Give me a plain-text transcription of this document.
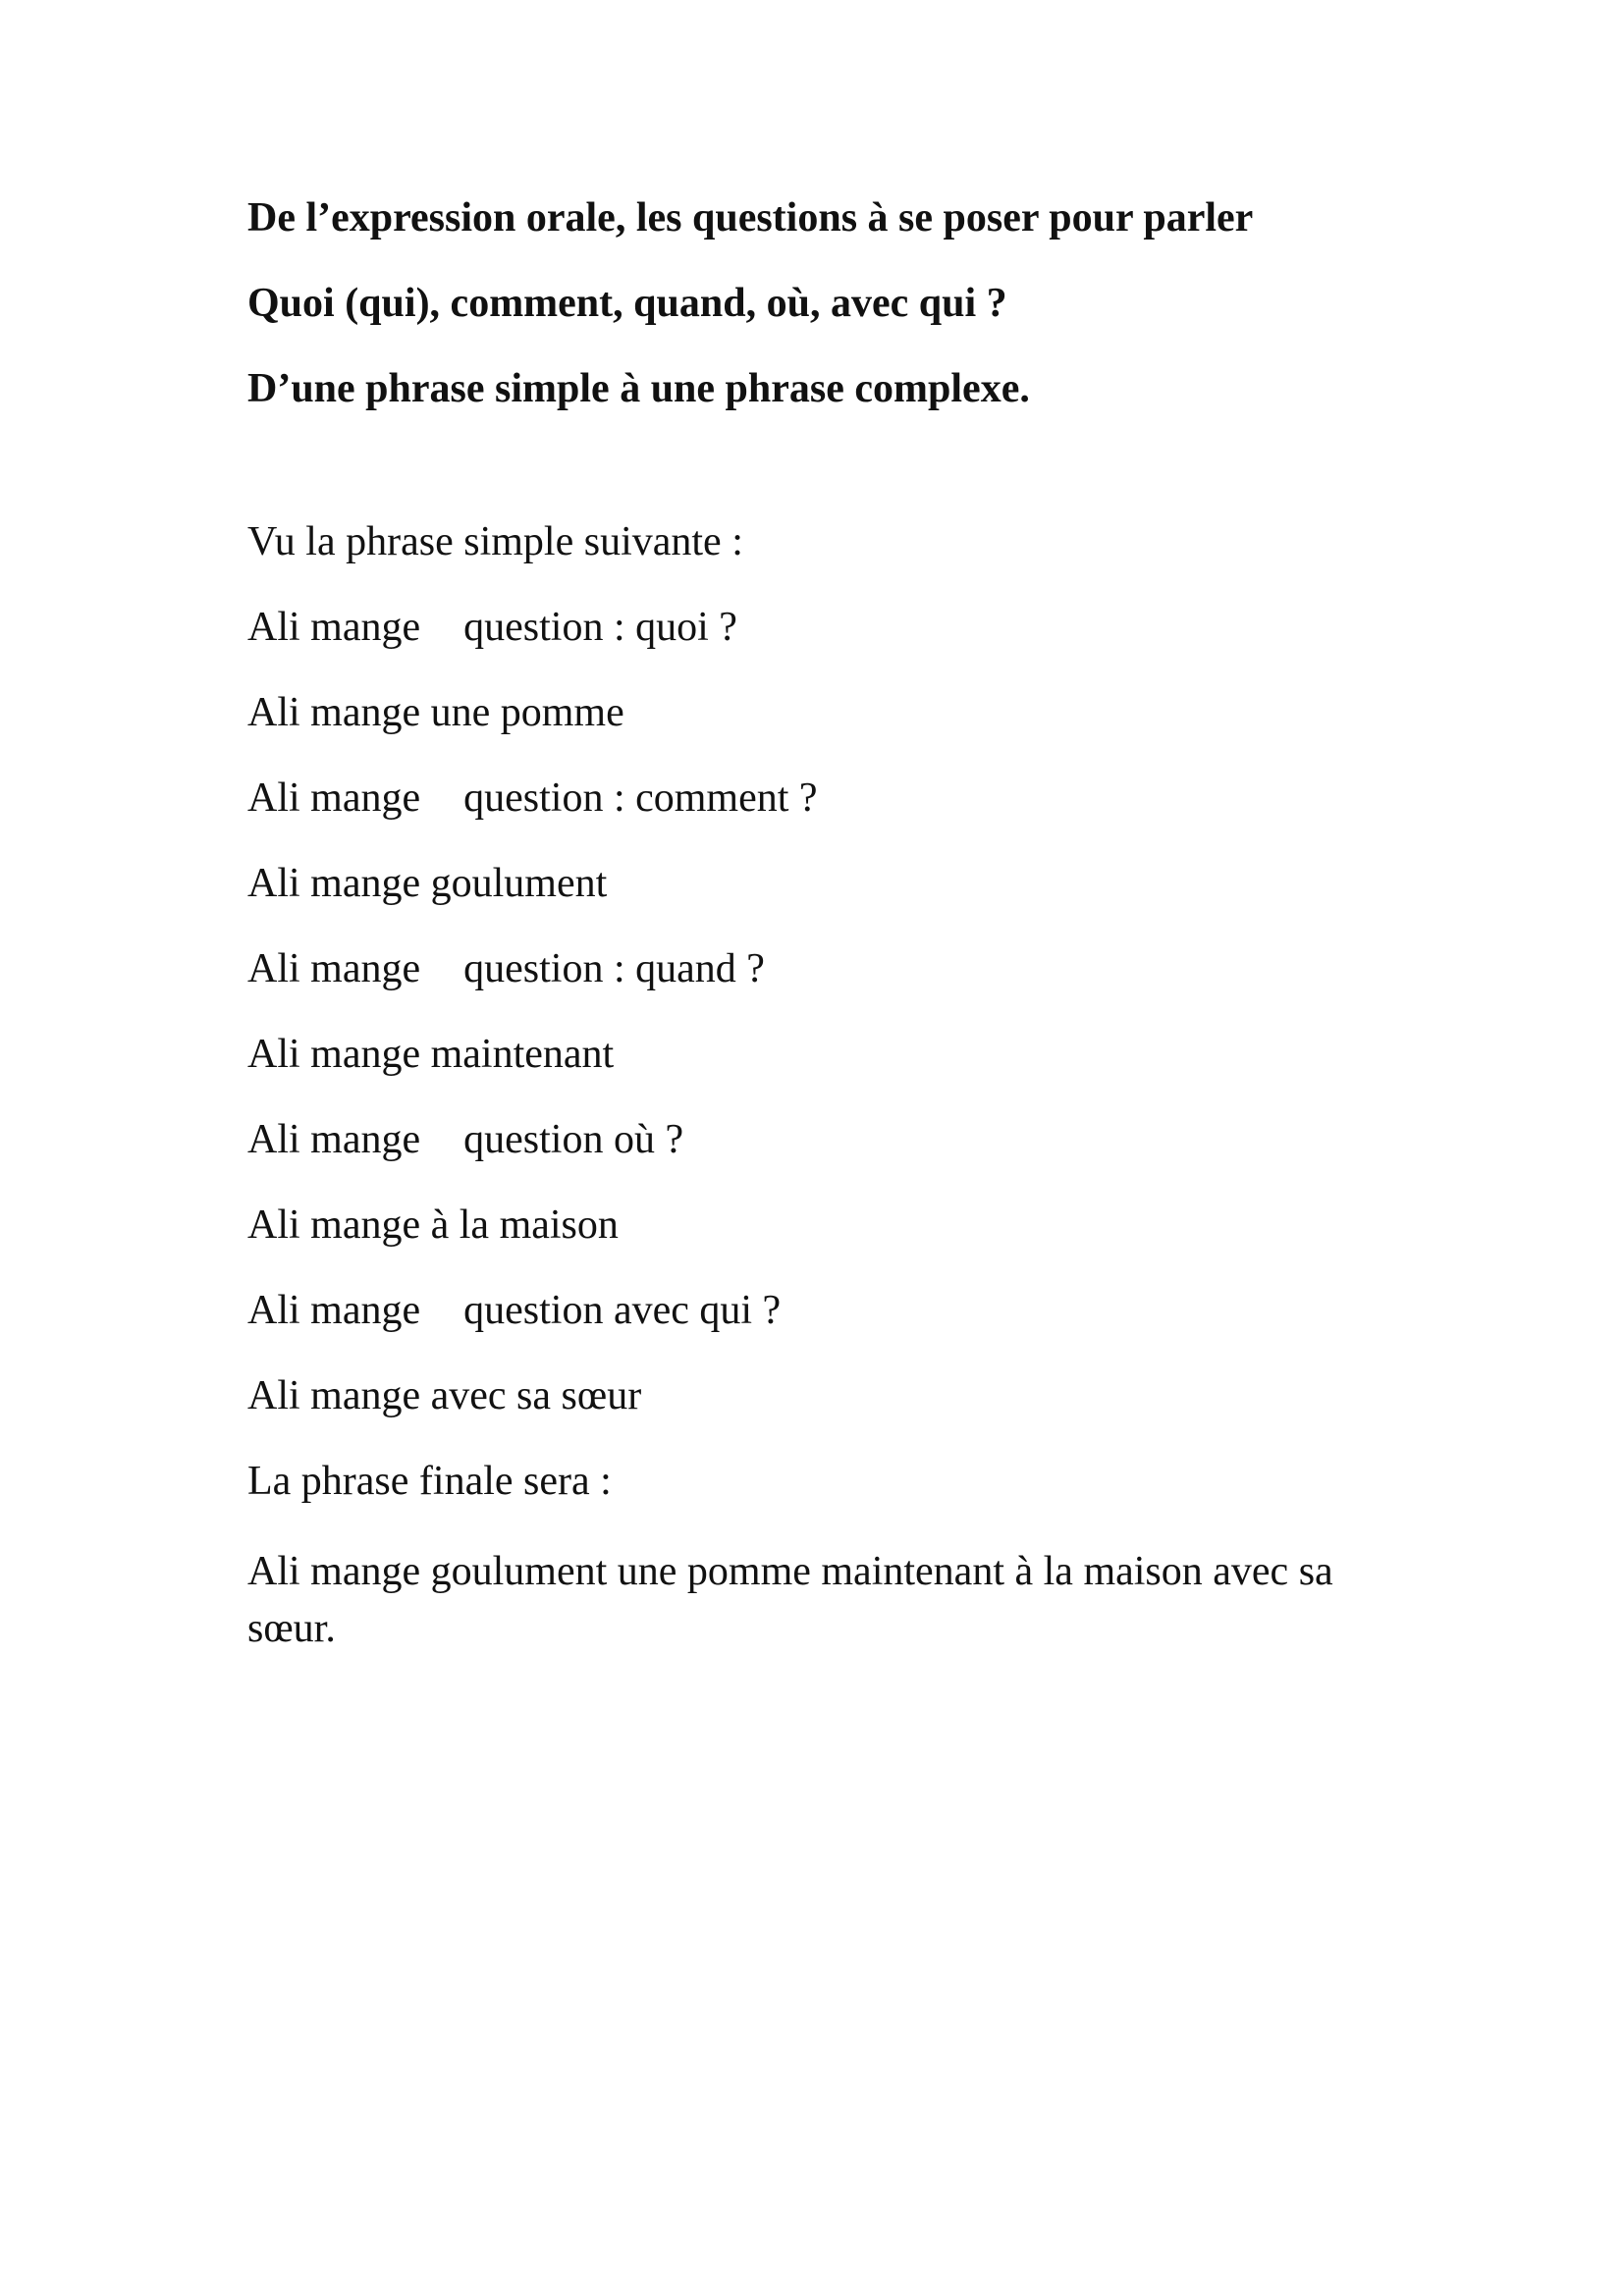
De l’expression orale, les questions à se poser pour parler
Quoi (qui), comment, quand, où, avec qui ?
D’une phrase simple à une phrase complexe.
Vu la phrase simple suivante :
Ali mange question : quoi ?
Ali mange une pomme
Ali mange question : comment ?
Ali mange goulument
Ali mange question : quand ?
Ali mange maintenant
Ali mange question où ?
Ali mange à la maison
Ali mange question avec qui ?
Ali mange avec sa sœur
La phrase finale sera :

Ali mange goulument une pomme maintenant à la maison avec sa sœur.
